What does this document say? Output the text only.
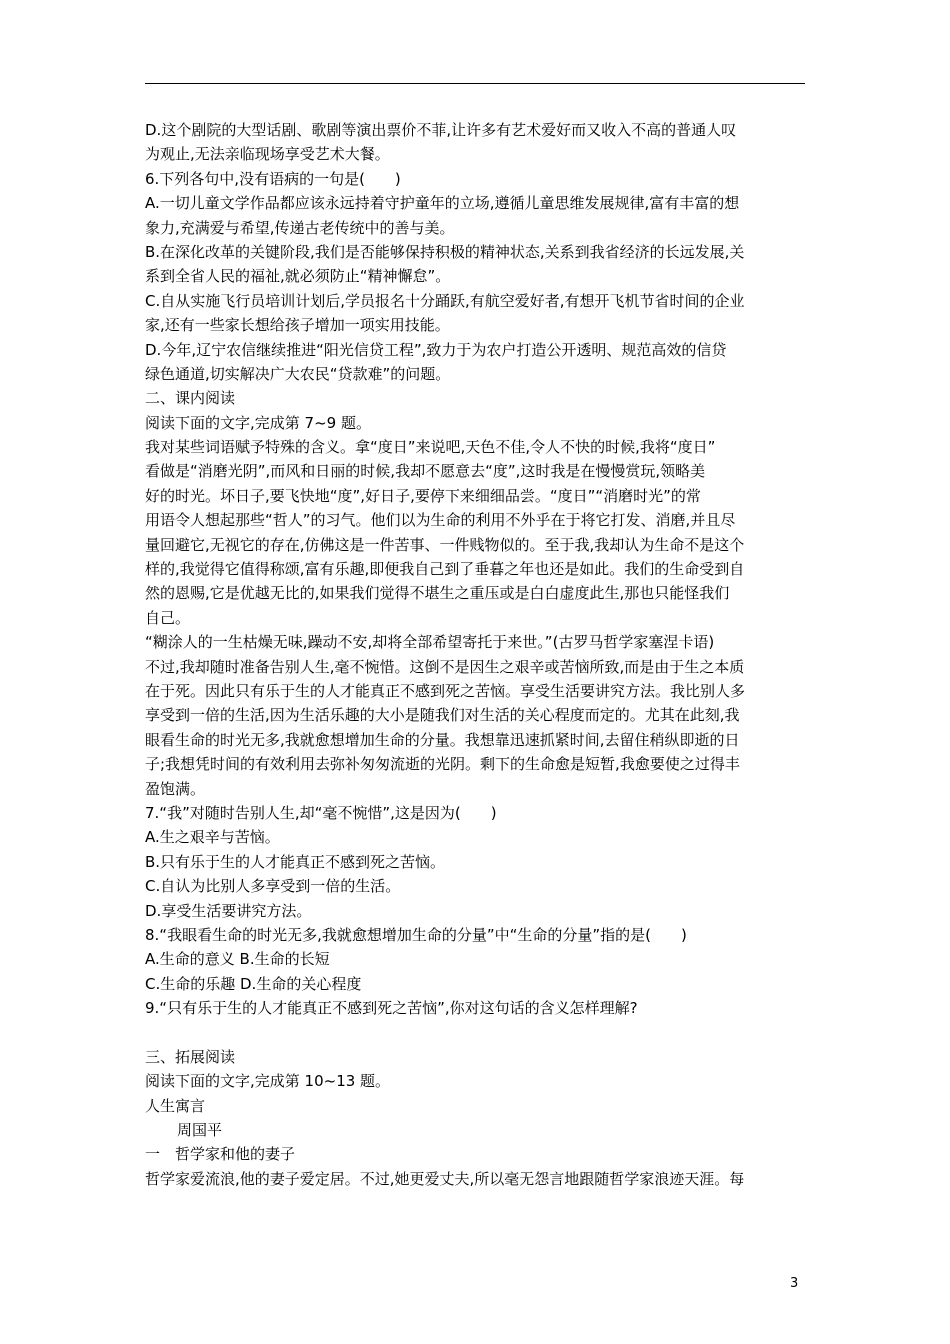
D.这个剧院的大型话剧、歌剧等演出票价不菲,让许多有艺术爱好而又收入不高的普通人叹
为观止,无法亲临现场享受艺术大餐。
6.下列各句中,没有语病的一句是(　　)
A.一切儿童文学作品都应该永远持着守护童年的立场,遵循儿童思维发展规律,富有丰富的想
象力,充满爱与希望,传递古老传统中的善与美。
B.在深化改革的关键阶段,我们是否能够保持积极的精神状态,关系到我省经济的长远发展,关
系到全省人民的福祉,就必须防止“精神懈怠”。
C.自从实施飞行员培训计划后,学员报名十分踊跃,有航空爱好者,有想开飞机节省时间的企业
家,还有一些家长想给孩子增加一项实用技能。
D.今年,辽宁农信继续推进“阳光信贷工程”,致力于为农户打造公开透明、规范高效的信贷
绿色通道,切实解决广大农民“贷款难”的问题。
二、课内阅读
阅读下面的文字,完成第 7~9 题。
我对某些词语赋予特殊的含义。拿“度日”来说吧,天色不佳,令人不快的时候,我将“度日”
看做是“消磨光阴”,而风和日丽的时候,我却不愿意去“度”,这时我是在慢慢赏玩,领略美
好的时光。坏日子,要飞快地“度”,好日子,要停下来细细品尝。“度日”“消磨时光”的常
用语令人想起那些“哲人”的习气。他们以为生命的利用不外乎在于将它打发、消磨,并且尽
量回避它,无视它的存在,仿佛这是一件苦事、一件贱物似的。至于我,我却认为生命不是这个
样的,我觉得它值得称颂,富有乐趣,即便我自己到了垂暮之年也还是如此。我们的生命受到自
然的恩赐,它是优越无比的,如果我们觉得不堪生之重压或是白白虚度此生,那也只能怪我们
自己。
“糊涂人的一生枯燥无味,躁动不安,却将全部希望寄托于来世。”(古罗马哲学家塞涅卡语)
不过,我却随时准备告别人生,毫不惋惜。这倒不是因生之艰辛或苦恼所致,而是由于生之本质
在于死。因此只有乐于生的人才能真正不感到死之苦恼。享受生活要讲究方法。我比别人多
享受到一倍的生活,因为生活乐趣的大小是随我们对生活的关心程度而定的。尤其在此刻,我
眼看生命的时光无多,我就愈想增加生命的分量。我想靠迅速抓紧时间,去留住稍纵即逝的日
子;我想凭时间的有效利用去弥补匆匆流逝的光阴。剩下的生命愈是短暂,我愈要使之过得丰
盈饱满。
7.“我”对随时告别人生,却“毫不惋惜”,这是因为(　　)
A.生之艰辛与苦恼。
B.只有乐于生的人才能真正不感到死之苦恼。
C.自认为比别人多享受到一倍的生活。
D.享受生活要讲究方法。
8.“我眼看生命的时光无多,我就愈想增加生命的分量”中“生命的分量”指的是(　　)
A.生命的意义 B.生命的长短
C.生命的乐趣 D.生命的关心程度
9.“只有乐于生的人才能真正不感到死之苦恼”,你对这句话的含义怎样理解?
三、拓展阅读
阅读下面的文字,完成第 10~13 题。
人生寓言
周国平
一　哲学家和他的妻子
哲学家爱流浪,他的妻子爱定居。不过,她更爱丈夫,所以毫无怨言地跟随哲学家浪迹天涯。每
3
